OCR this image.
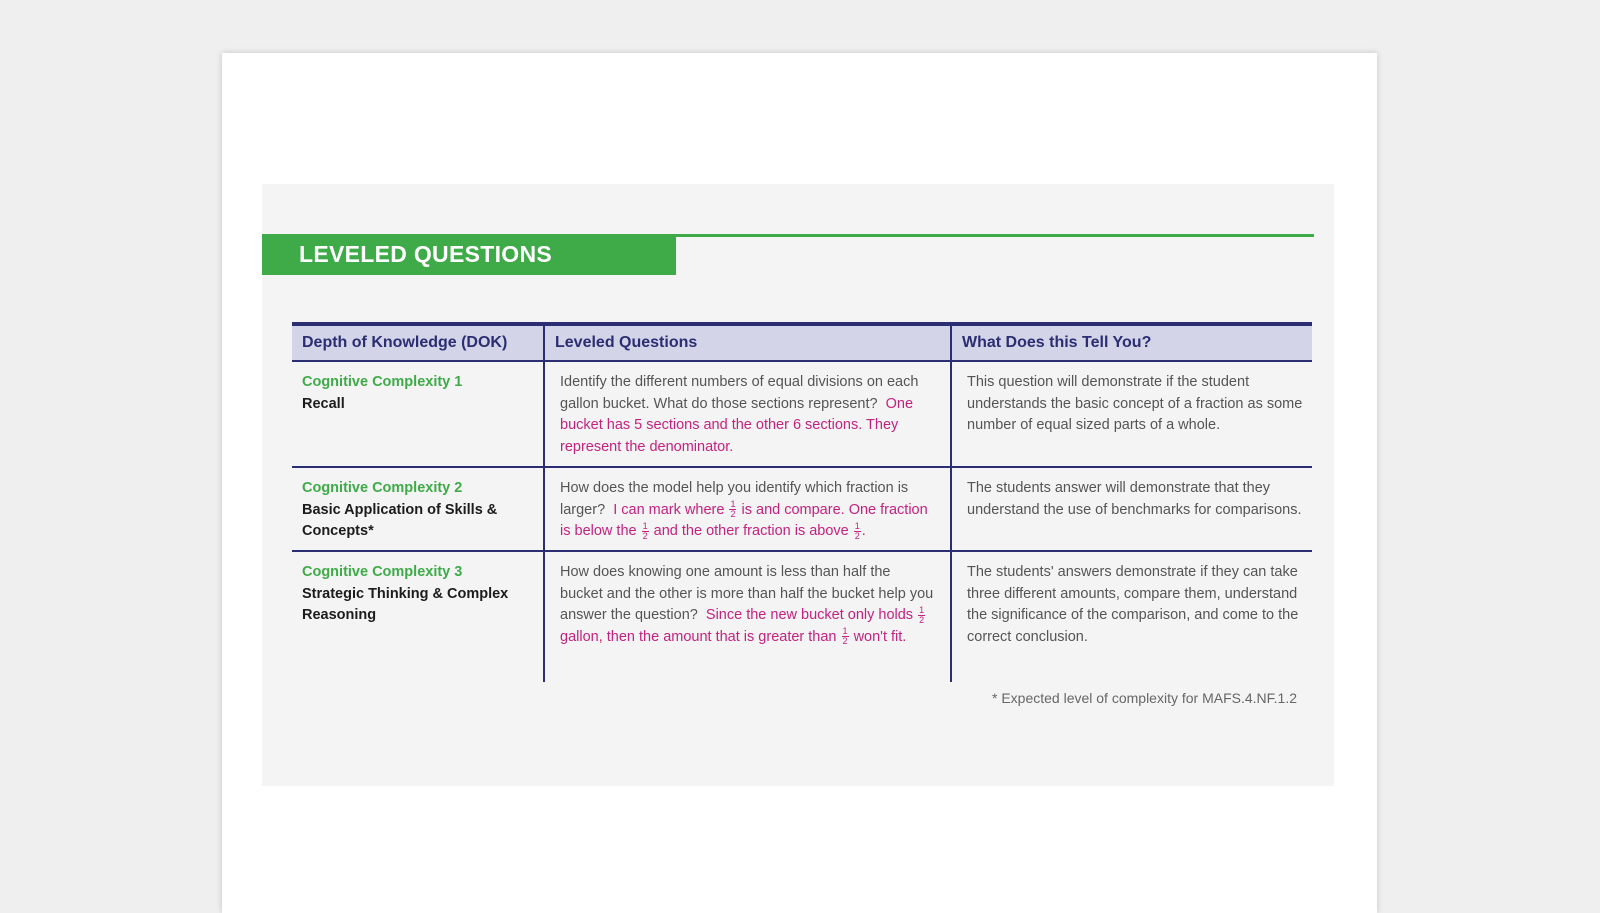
LEVELED QUESTIONS
Depth of Knowledge (DOK)	Leveled Questions	What Does this Tell You?
Cognitive Complexity 1
Recall
Identify the different numbers of equal divisions on each gallon bucket. What do those sections represent? One bucket has 5 sections and the other 6 sections. They represent the denominator.
This question will demonstrate if the student understands the basic concept of a fraction as some number of equal sized parts of a whole.
Cognitive Complexity 2
Basic Application of Skills & Concepts*
How does the model help you identify which fraction is larger? I can mark where $\frac{1}{2}$ is and compare. One fraction is below the $\frac{1}{2}$ and the other fraction is above $\frac{1}{2}$ .
The students answer will demonstrate that they understand the use of benchmarks for comparisons.
Cognitive Complexity 3
Strategic Thinking & Complex Reasoning
How does knowing one amount is less than half the bucket and the other is more than half the bucket help you answer the question? Since the new bucket only holds $\frac{1}{2}$
gallon, then the amount that is greater than $\frac{1}{2} won't$ fit.
The students' answers demonstrate if they can take three different amounts, compare them, understand the significance of the comparison, and come to the correct conclusion.
* Expected level of complexity for MAFS.4.NF.1.2
